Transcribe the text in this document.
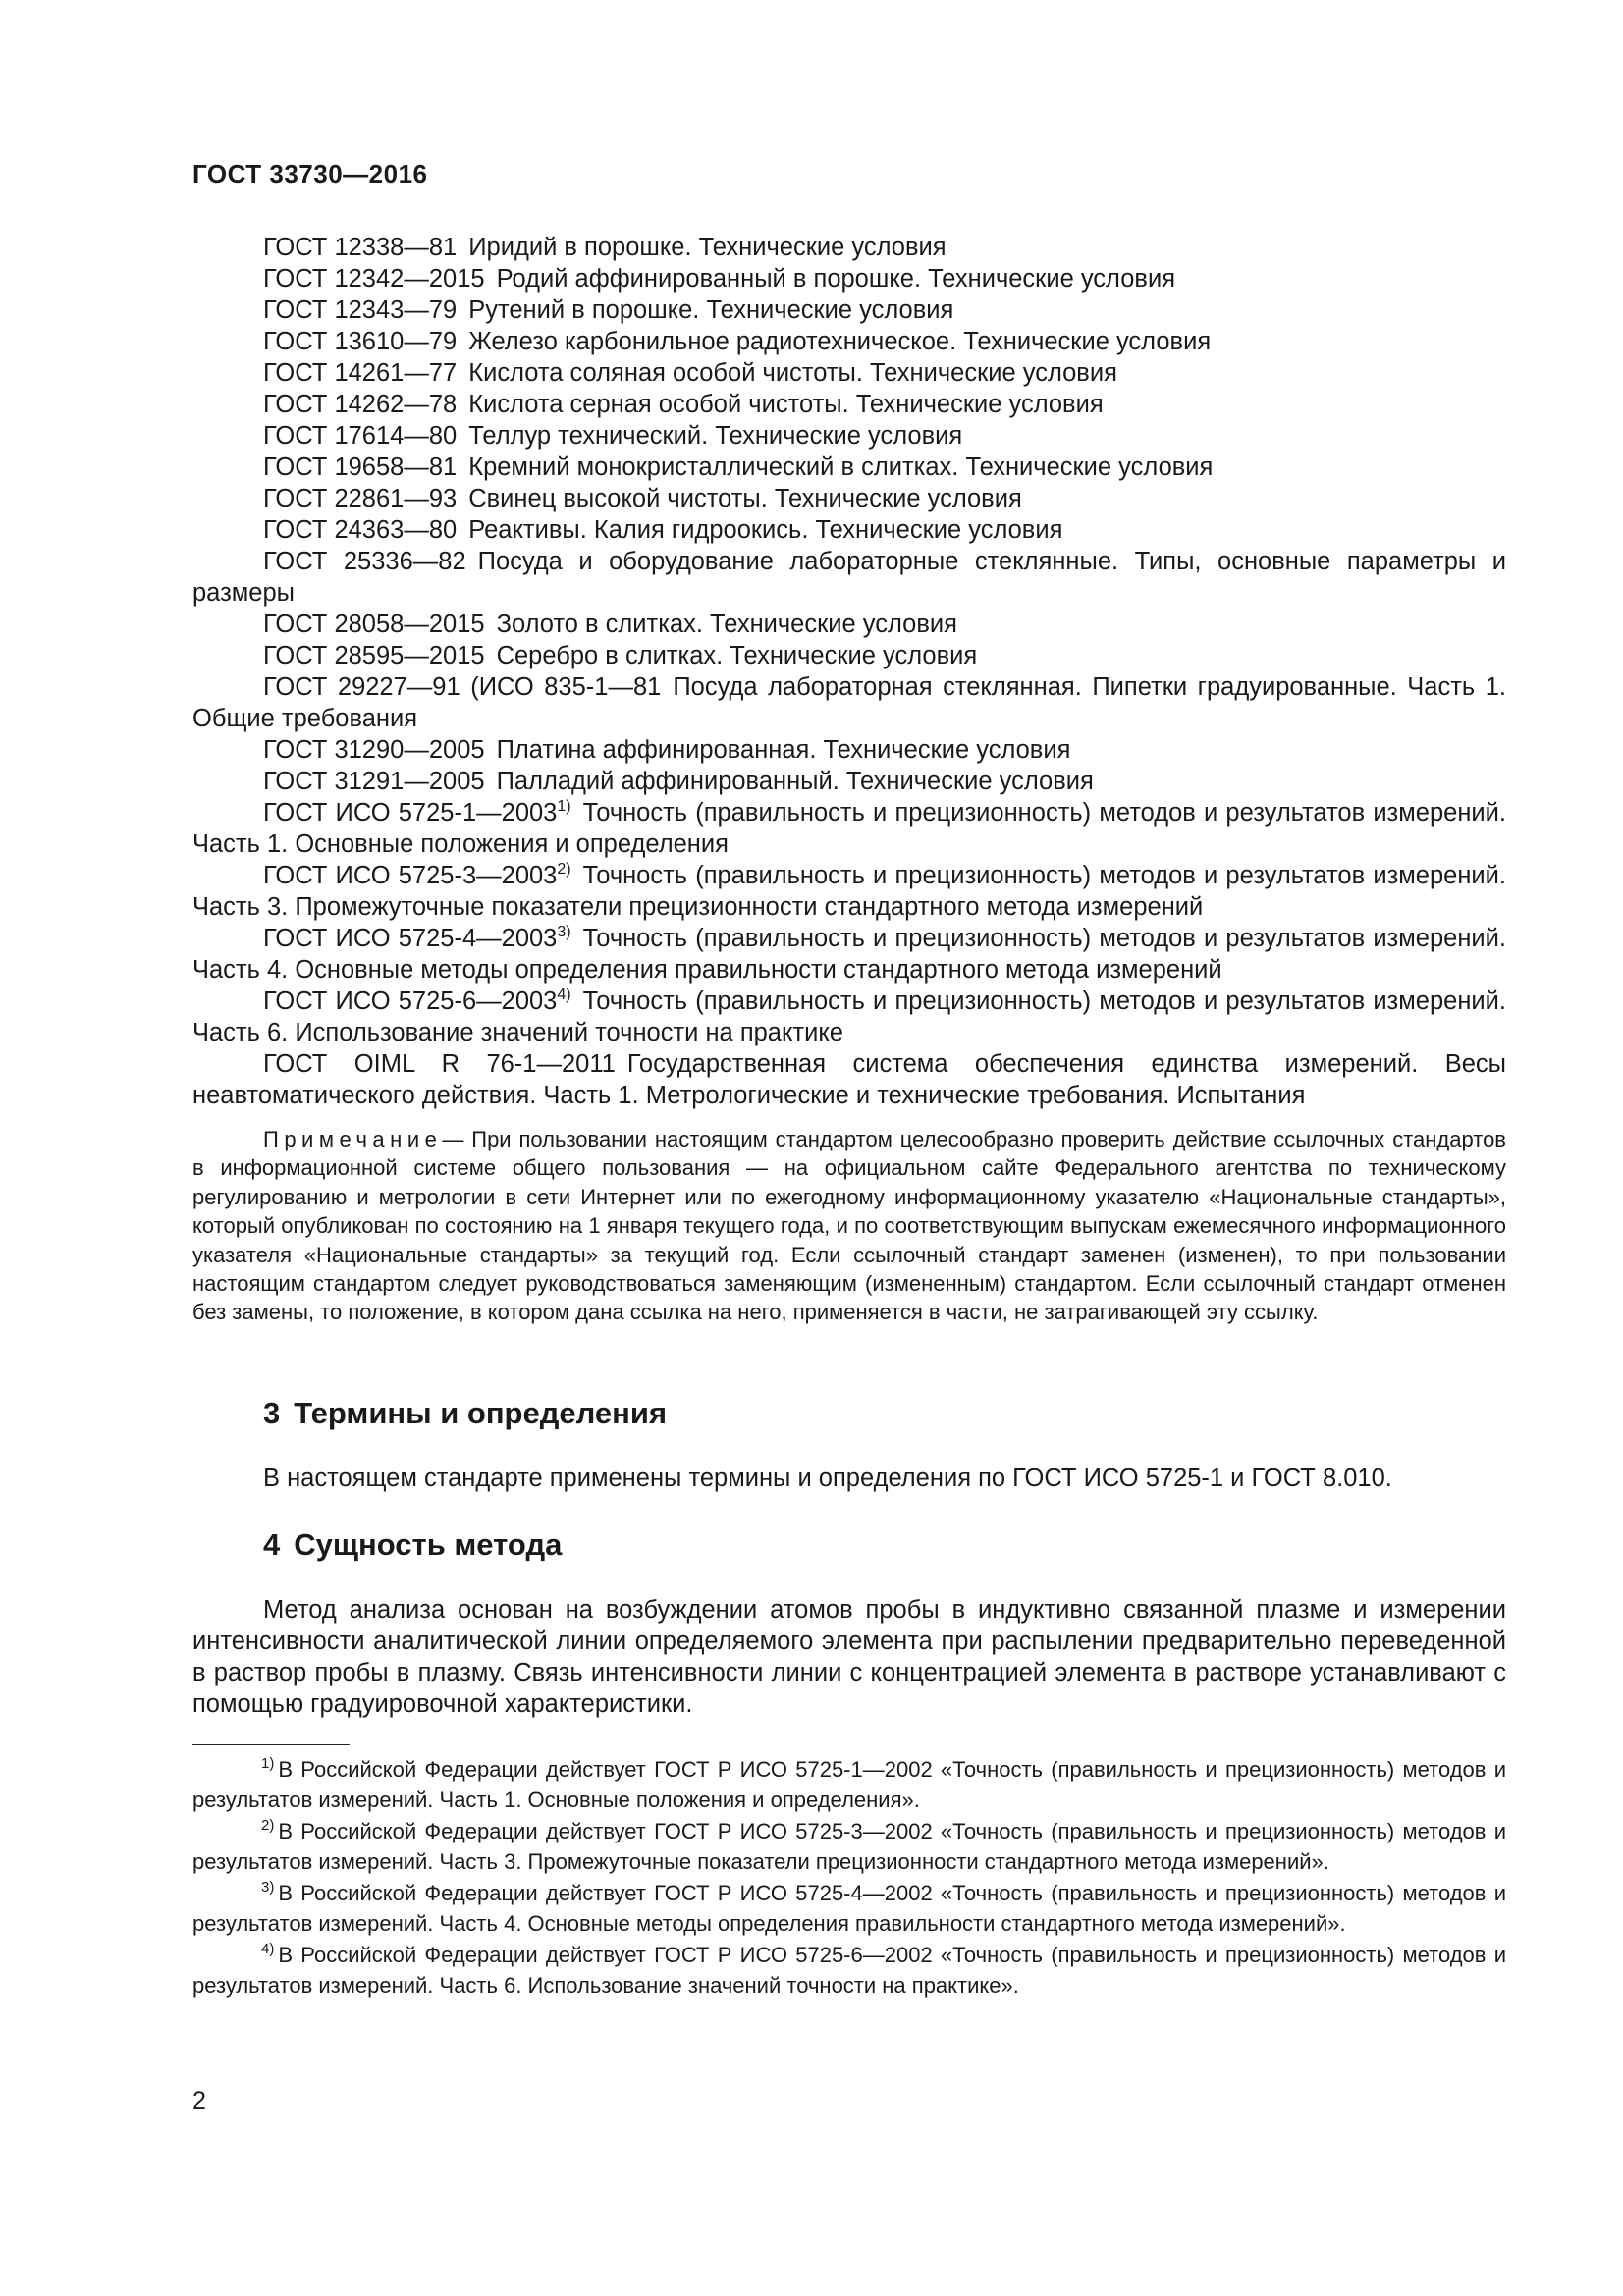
ГОСТ 33730—2016
ГОСТ 12338—81 Иридий в порошке. Технические условия
ГОСТ 12342—2015 Родий аффинированный в порошке. Технические условия
ГОСТ 12343—79 Рутений в порошке. Технические условия
ГОСТ 13610—79 Железо карбонильное радиотехническое. Технические условия
ГОСТ 14261—77 Кислота соляная особой чистоты. Технические условия
ГОСТ 14262—78 Кислота серная особой чистоты. Технические условия
ГОСТ 17614—80 Теллур технический. Технические условия
ГОСТ 19658—81 Кремний монокристаллический в слитках. Технические условия
ГОСТ 22861—93 Свинец высокой чистоты. Технические условия
ГОСТ 24363—80 Реактивы. Калия гидроокись. Технические условия
ГОСТ 25336—82 Посуда и оборудование лабораторные стеклянные. Типы, основные параметры и размеры
ГОСТ 28058—2015 Золото в слитках. Технические условия
ГОСТ 28595—2015 Серебро в слитках. Технические условия
ГОСТ 29227—91 (ИСО 835-1—81 Посуда лабораторная стеклянная. Пипетки градуированные. Часть 1. Общие требования
ГОСТ 31290—2005 Платина аффинированная. Технические условия
ГОСТ 31291—2005 Палладий аффинированный. Технические условия
ГОСТ ИСО 5725-1—2003$^{1)}$ Точность (правильность и прецизионность) методов и результатов измерений. Часть 1. Основные положения и определения
ГОСТ ИСО 5725-3—2003$^{2)}$ Точность (правильность и прецизионность) методов и результатов измерений. Часть 3. Промежуточные показатели прецизионности стандартного метода измерений
ГОСТ ИСО 5725-4—2003$^{3)}$ Точность (правильность и прецизионность) методов и результатов измерений. Часть 4. Основные методы определения правильности стандартного метода измерений
ГОСТ ИСО 5725-6—2003$^{4)}$ Точность (правильность и прецизионность) методов и результатов измерений. Часть 6. Использование значений точности на практике
ГОСТ OIML R 76-1—2011 Государственная система обеспечения единства измерений. Весы неавтоматического действия. Часть 1. Метрологические и технические требования. Испытания
Примечание— При пользовании настоящим стандартом целесообразно проверить действие ссылочных стандартов в информационной системе общего пользования — на официальном сайте Федерального агентства по техническому регулированию и метрологии в сети Интернет или по ежегодному информационному указателю «Национальные стандарты», который опубликован по состоянию на 1 января текущего года, и по соответствующим выпускам ежемесячного информационного указателя «Национальные стандарты» за текущий год. Если ссылочный стандарт заменен (изменен), то при пользовании настоящим стандартом следует руководствоваться заменяющим (измененным) стандартом. Если ссылочный стандарт отменен без замены, то положение, в котором дана ссылка на него, применяется в части, не затрагивающей эту ссылку.
3 Термины и определения
В настоящем стандарте применены термины и определения по ГОСТ ИСО 5725-1 и ГОСТ 8.010.
4 Сущность метода
Метод анализа основан на возбуждении атомов пробы в индуктивно связанной плазме и измерении интенсивности аналитической линии определяемого элемента при распылении предварительно переведенной в раствор пробы в плазму. Связь интенсивности линии с концентрацией элемента в растворе устанавливают с помощью градуировочной характеристики.
$^{1)}$ В Российской Федерации действует ГОСТ Р ИСО 5725-1—2002 «Точность (правильность и прецизионность) методов и результатов измерений. Часть 1. Основные положения и определения».
$^{2)}$ В Российской Федерации действует ГОСТ Р ИСО 5725-3—2002 «Точность (правильность и прецизионность) методов и результатов измерений. Часть 3. Промежуточные показатели прецизионности стандартного метода измерений».
$^{3)}$ В Российской Федерации действует ГОСТ Р ИСО 5725-4—2002 «Точность (правильность и прецизионность) методов и результатов измерений. Часть 4. Основные методы определения правильности стандартного метода измерений».
$^{4)}$ В Российской Федерации действует ГОСТ Р ИСО 5725-6—2002 «Точность (правильность и прецизионность) методов и результатов измерений. Часть 6. Использование значений точности на практике».
2
